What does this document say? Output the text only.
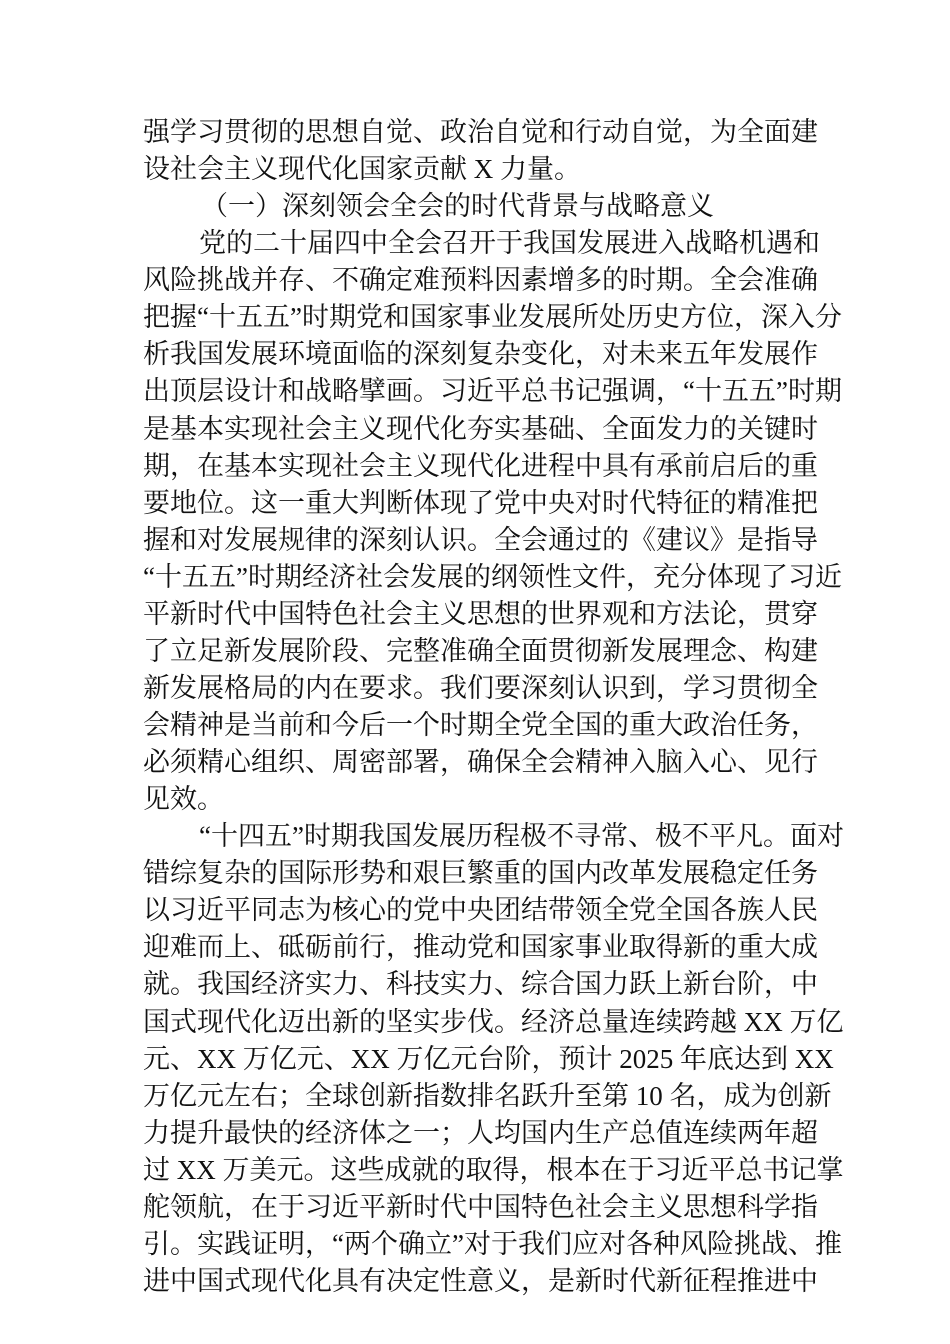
强学习贯彻的思想自觉、政治自觉和行动自觉，为全面建
设社会主义现代化国家贡献 X 力量。
（一）深刻领会全会的时代背景与战略意义
党的二十届四中全会召开于我国发展进入战略机遇和
风险挑战并存、不确定难预料因素增多的时期。全会准确
把握“十五五”时期党和国家事业发展所处历史方位，深入分
析我国发展环境面临的深刻复杂变化，对未来五年发展作
出顶层设计和战略擘画。习近平总书记强调，“十五五”时期
是基本实现社会主义现代化夯实基础、全面发力的关键时
期，在基本实现社会主义现代化进程中具有承前启后的重
要地位。这一重大判断体现了党中央对时代特征的精准把
握和对发展规律的深刻认识。全会通过的《建议》是指导
“十五五”时期经济社会发展的纲领性文件，充分体现了习近
平新时代中国特色社会主义思想的世界观和方法论，贯穿
了立足新发展阶段、完整准确全面贯彻新发展理念、构建
新发展格局的内在要求。我们要深刻认识到，学习贯彻全
会精神是当前和今后一个时期全党全国的重大政治任务，
必须精心组织、周密部署，确保全会精神入脑入心、见行
见效。
“十四五”时期我国发展历程极不寻常、极不平凡。面对
错综复杂的国际形势和艰巨繁重的国内改革发展稳定任务
以习近平同志为核心的党中央团结带领全党全国各族人民
迎难而上、砥砺前行，推动党和国家事业取得新的重大成
就。我国经济实力、科技实力、综合国力跃上新台阶，中
国式现代化迈出新的坚实步伐。经济总量连续跨越 XX 万亿
元、XX 万亿元、XX 万亿元台阶，预计 2025 年底达到 XX
万亿元左右；全球创新指数排名跃升至第 10 名，成为创新
力提升最快的经济体之一；人均国内生产总值连续两年超
过 XX 万美元。这些成就的取得，根本在于习近平总书记掌
舵领航，在于习近平新时代中国特色社会主义思想科学指
引。实践证明，“两个确立”对于我们应对各种风险挑战、推
进中国式现代化具有决定性意义，是新时代新征程推进中
